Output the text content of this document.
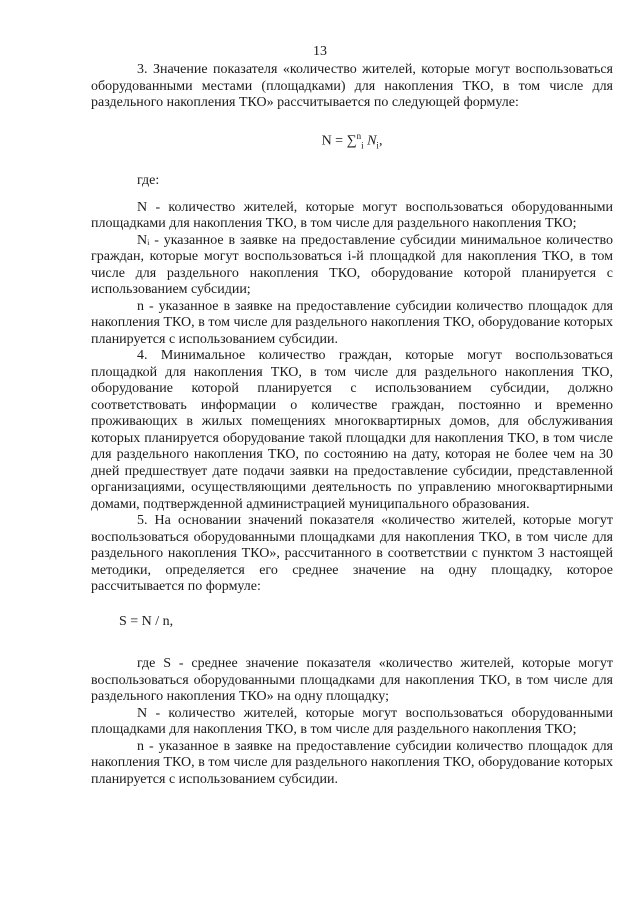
13

3. Значение показателя «количество жителей, которые могут воспользоваться оборудованными местами (площадками) для накопления ТКО, в том числе для раздельного накопления ТКО» рассчитывается по следующей формуле:

N = ∑$^n_i$ $N_i$,

где:

N - количество жителей, которые могут воспользоваться оборудованными площадками для накопления ТКО, в том числе для раздельного накопления ТКО;

Nᵢ - указанное в заявке на предоставление субсидии минимальное количество граждан, которые могут воспользоваться i-й площадкой для накопления ТКО, в том числе для раздельного накопления ТКО, оборудование которой планируется с использованием субсидии;

n - указанное в заявке на предоставление субсидии количество площадок для накопления ТКО, в том числе для раздельного накопления ТКО, оборудование которых планируется с использованием субсидии.

4. Минимальное количество граждан, которые могут воспользоваться площадкой для накопления ТКО, в том числе для раздельного накопления ТКО, оборудование которой планируется с использованием субсидии, должно соответствовать информации о количестве граждан, постоянно и временно проживающих в жилых помещениях многоквартирных домов, для обслуживания которых планируется оборудование такой площадки для накопления ТКО, в том числе для раздельного накопления ТКО, по состоянию на дату, которая не более чем на 30 дней предшествует дате подачи заявки на предоставление субсидии, представленной организациями, осуществляющими деятельность по управлению многоквартирными домами, подтвержденной администрацией муниципального образования.

5. На основании значений показателя «количество жителей, которые могут воспользоваться оборудованными площадками для накопления ТКО, в том числе для раздельного накопления ТКО», рассчитанного в соответствии с пунктом 3 настоящей методики, определяется его среднее значение на одну площадку, которое рассчитывается по формуле:

S = N / n,

где S - среднее значение показателя «количество жителей, которые могут воспользоваться оборудованными площадками для накопления ТКО, в том числе для раздельного накопления ТКО» на одну площадку;

N - количество жителей, которые могут воспользоваться оборудованными площадками для накопления ТКО, в том числе для раздельного накопления ТКО;

n - указанное в заявке на предоставление субсидии количество площадок для накопления ТКО, в том числе для раздельного накопления ТКО, оборудование которых планируется с использованием субсидии.
